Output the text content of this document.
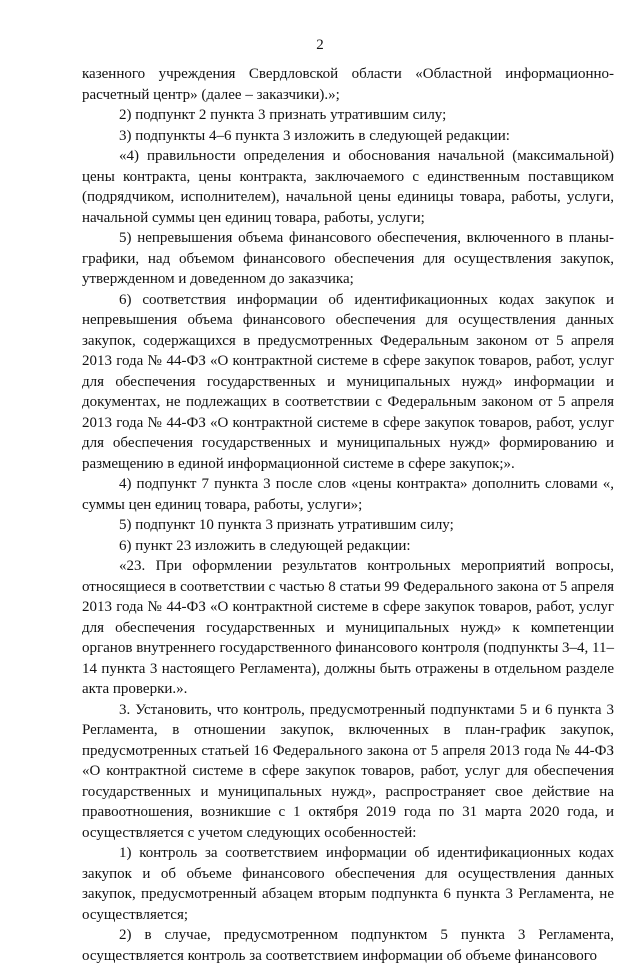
2

казенного учреждения Свердловской области «Областной информационно-расчетный центр» (далее – заказчики).»;

2) подпункт 2 пункта 3 признать утратившим силу;

3) подпункты 4–6 пункта 3 изложить в следующей редакции:

«4) правильности определения и обоснования начальной (максимальной) цены контракта, цены контракта, заключаемого с единственным поставщиком (подрядчиком, исполнителем), начальной цены единицы товара, работы, услуги, начальной суммы цен единиц товара, работы, услуги;

5) непревышения объема финансового обеспечения, включенного в планы-графики, над объемом финансового обеспечения для осуществления закупок, утвержденном и доведенном до заказчика;

6) соответствия информации об идентификационных кодах закупок и непревышения объема финансового обеспечения для осуществления данных закупок, содержащихся в предусмотренных Федеральным законом от 5 апреля 2013 года № 44-ФЗ «О контрактной системе в сфере закупок товаров, работ, услуг для обеспечения государственных и муниципальных нужд» информации и документах, не подлежащих в соответствии с Федеральным законом от 5 апреля 2013 года № 44-ФЗ «О контрактной системе в сфере закупок товаров, работ, услуг для обеспечения государственных и муниципальных нужд» формированию и размещению в единой информационной системе в сфере закупок;».

4) подпункт 7 пункта 3 после слов «цены контракта» дополнить словами «, суммы цен единиц товара, работы, услуги»;

5) подпункт 10 пункта 3 признать утратившим силу;

6) пункт 23 изложить в следующей редакции:

«23. При оформлении результатов контрольных мероприятий вопросы, относящиеся в соответствии с частью 8 статьи 99 Федерального закона от 5 апреля 2013 года № 44-ФЗ «О контрактной системе в сфере закупок товаров, работ, услуг для обеспечения государственных и муниципальных нужд» к компетенции органов внутреннего государственного финансового контроля (подпункты 3–4, 11–14 пункта 3 настоящего Регламента), должны быть отражены в отдельном разделе акта проверки.».

3. Установить, что контроль, предусмотренный подпунктами 5 и 6 пункта 3 Регламента, в отношении закупок, включенных в план-график закупок, предусмотренных статьей 16 Федерального закона от 5 апреля 2013 года № 44-ФЗ «О контрактной системе в сфере закупок товаров, работ, услуг для обеспечения государственных и муниципальных нужд», распространяет свое действие на правоотношения, возникшие с 1 октября 2019 года по 31 марта 2020 года, и осуществляется с учетом следующих особенностей:

1) контроль за соответствием информации об идентификационных кодах закупок и об объеме финансового обеспечения для осуществления данных закупок, предусмотренный абзацем вторым подпункта 6 пункта 3 Регламента, не осуществляется;

2) в случае, предусмотренном подпунктом 5 пункта 3 Регламента, осуществляется контроль за соответствием информации об объеме финансового
